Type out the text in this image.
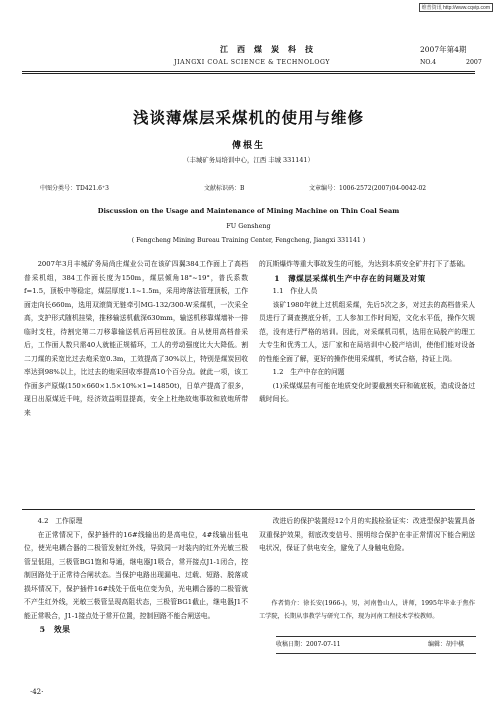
维普资讯 http://www.cqvip.com
江西煤炭科技
JIANGXI COAL SCIENCE & TECHNOLOGY
2007年第4期
NO.4	2007
浅谈薄煤层采煤机的使用与维修
傅根生
（丰城矿务局培训中心，江西 丰城 331141）
中图分类号：TD421.6⁺3	文献标识码：B	文章编号：1006-2572(2007)04-0042-02
Discussion on the Usage and Maintenance of Mining Machine on Thin Coal Seam
FU Gensheng
( Fengcheng Mining Bureau Training Center, Fengcheng, Jiangxi 331141 )

2007年3月丰城矿务局尚庄煤业公司在该矿四翼384工作面上了高档普采机组，384工作面长度为150m，煤层倾角18°~19°，普氏系数f=1.5，顶板中等稳定，煤层厚度1.1~1.5m，采用垮落法管理顶板，工作面走向长660m，选用双滚筒无链牵引MG-132/300-W采煤机，一次采全高，支护形式随机挂梁，推移输送机截深630mm，输送机移靠煤墙补一排临时支柱，待割完第二刀移靠输送机后再回柱放顶。自从使用高档普采后，工作面人数只需40人就能正规循环，工人的劳动强度比大大降低。割二刀煤的采宽比过去炮采宽0.3m，工效提高了30%以上，特别是煤炭回收率达到98%以上，比过去的炮采回收率提高10个百分点。就此一项，该工作面多产原煤(150×660×1.5×10%×1=14850t)，日单产提高了很多，现日出原煤近千吨，经济效益明显提高，安全上杜绝故炮事故和放炮所带来

的瓦斯爆炸等重大事故发生的可能，为达到本质安全矿井打下了基础。

1　薄煤层采煤机生产中存在的问题及对策

1.1　作业人员

该矿1980年就上过机组采煤，先后5次之多，对过去的高档普采人员进行了调查摸底分析，工人参加工作时间短，文化水平低，操作欠规范，没有进行严格的培训。因此，对采煤机司机，选用在局脱产的理工大专生和优秀工人，送厂家和在局培训中心脱产培训，使他们能对设备的性能全面了解，更好的操作使用采煤机，考试合格，持证上岗。

1.2　生产中存在的问题

(1)采煤煤层有可能在地质变化时要截割夹矸和破底板，造成设备过载时间长。

4.2　工作原理

在正常情况下，保护插件的16#线输出的是高电位，4#线输出低电位，使光电耦合器的二极管发射红外线，导致同一对装内的红外光敏三极管呈低阻，三极管BG1饱和导通，继电器J1吸合，常开接点J1-1闭合，控制回路处于正常待合闸状态。当保护电路出现漏电、过载、短路、脱落或损坏情况下，保护插件16#线处于低电位变为负，光电耦合器的二极管就不产生红外线，光敏三极管呈现高阻状态，三极管BG1截止，继电器J1不能正常吸合，J1-1接点处于常开位置，控制回路不能合闸送电。

5　效果

改进后的保护装置经12个月的实践检验证实：改进型保护装置具备双重保护效果，彻底改变信号、照明综合保护在非正常情况下能合闸送电状况，保证了供电安全，避免了人身触电危险。

作者简介：徐长安(1966-)，男，河南鲁山人，讲师，1995年毕业于焦作工学院，长期从事教学与研究工作，现为河南工程技术学校教师。

收稿日期：2007-07-11	编辑：胡中棋
·42·
